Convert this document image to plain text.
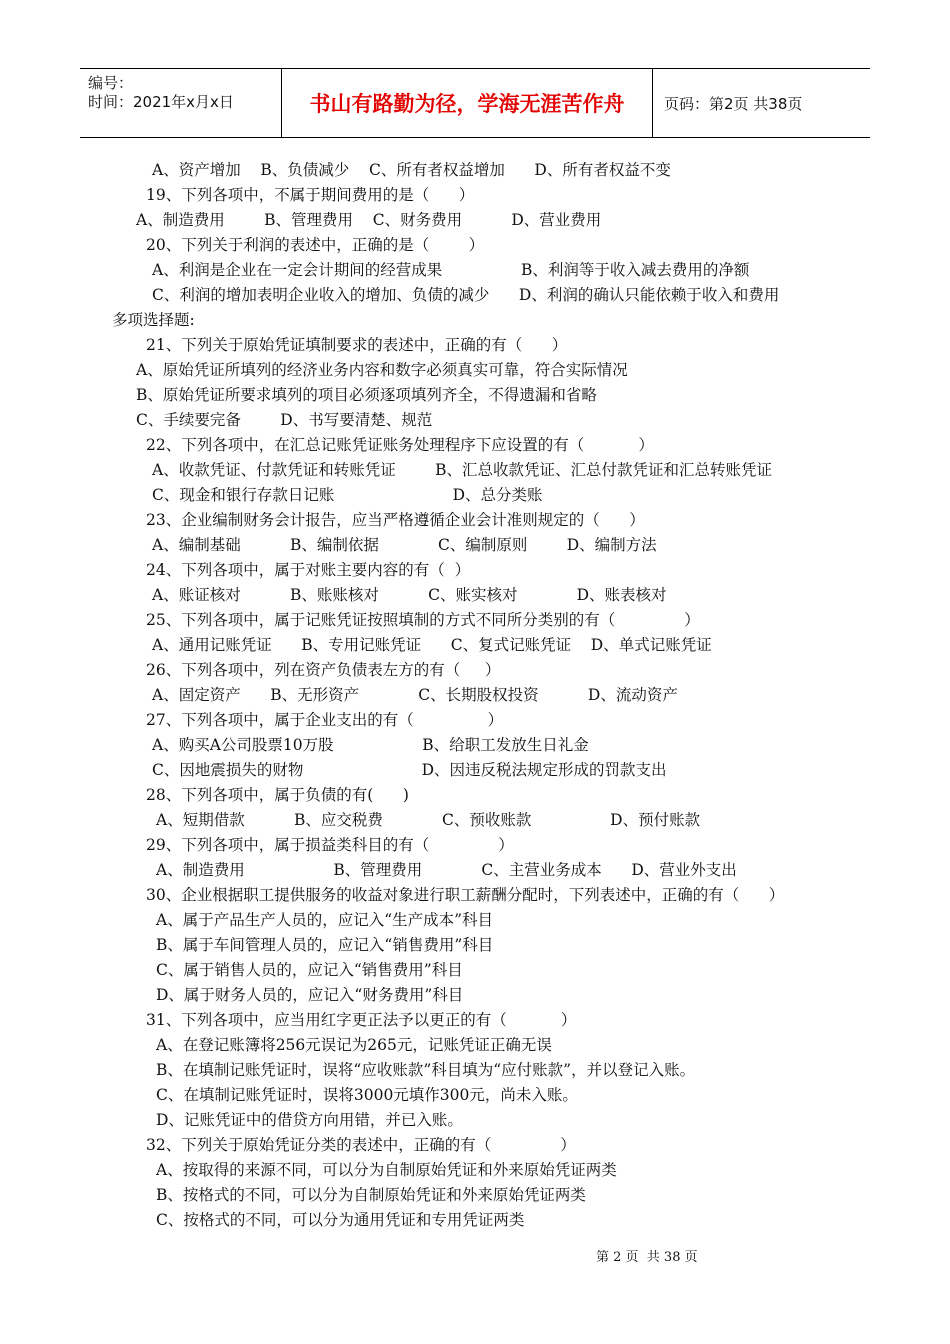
编号：
时间：2021年x月x日	书山有路勤为径，学海无涯苦作舟	页码：第2页 共38页
A、资产增加    B、负债减少    C、所有者权益增加      D、所有者权益不变
19、下列各项中，不属于期间费用的是（      ）
A、制造费用        B、管理费用    C、财务费用          D、营业费用
20、下列关于利润的表述中，正确的是（        ）
A、利润是企业在一定会计期间的经营成果                B、利润等于收入减去费用的净额
C、利润的增加表明企业收入的增加、负债的减少      D、利润的确认只能依赖于收入和费用
多项选择题:
21、下列关于原始凭证填制要求的表述中，正确的有（      ）
A、原始凭证所填列的经济业务内容和数字必须真实可靠，符合实际情况
B、原始凭证所要求填列的项目必须逐项填列齐全，不得遗漏和省略
C、手续要完备        D、书写要清楚、规范
22、下列各项中，在汇总记账凭证账务处理程序下应设置的有（           ）
A、收款凭证、付款凭证和转账凭证        B、汇总收款凭证、汇总付款凭证和汇总转账凭证
C、现金和银行存款日记账                        D、总分类账
23、企业编制财务会计报告，应当严格遵循企业会计准则规定的（      ）
A、编制基础          B、编制依据            C、编制原则        D、编制方法
24、下列各项中，属于对账主要内容的有（  ）
A、账证核对          B、账账核对          C、账实核对            D、账表核对
25、下列各项中，属于记账凭证按照填制的方式不同所分类别的有（              ）
A、通用记账凭证      B、专用记账凭证      C、复式记账凭证    D、单式记账凭证
26、下列各项中，列在资产负债表左方的有（     ）
A、固定资产      B、无形资产            C、长期股权投资          D、流动资产
27、下列各项中，属于企业支出的有（               ）
A、购买A公司股票10万股                  B、给职工发放生日礼金
C、因地震损失的财物                        D、因违反税法规定形成的罚款支出
28、下列各项中，属于负债的有(      )
A、短期借款          B、应交税费            C、预收账款                D、预付账款
29、下列各项中，属于损益类科目的有（              ）
A、制造费用                  B、管理费用            C、主营业务成本      D、营业外支出
30、企业根据职工提供服务的收益对象进行职工薪酬分配时，下列表述中，正确的有（      ）
A、属于产品生产人员的，应记入“生产成本”科目
B、属于车间管理人员的，应记入“销售费用”科目
C、属于销售人员的，应记入“销售费用”科目
D、属于财务人员的，应记入“财务费用”科目
31、下列各项中，应当用红字更正法予以更正的有（           ）
A、在登记账簿将256元误记为265元，记账凭证正确无误
B、在填制记账凭证时，误将“应收账款”科目填为“应付账款”，并以登记入账。
C、在填制记账凭证时，误将3000元填作300元，尚未入账。
D、记账凭证中的借贷方向用错，并已入账。
32、下列关于原始凭证分类的表述中，正确的有（              ）
A、按取得的来源不同，可以分为自制原始凭证和外来原始凭证两类
B、按格式的不同，可以分为自制原始凭证和外来原始凭证两类
C、按格式的不同，可以分为通用凭证和专用凭证两类
第 2 页  共 38 页
